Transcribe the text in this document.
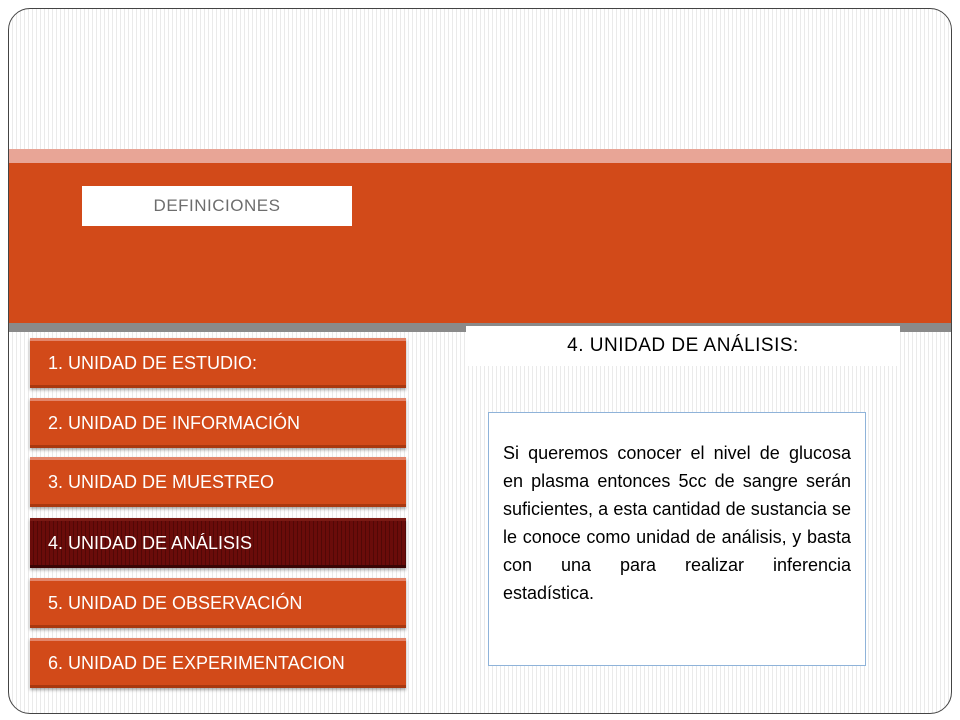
DEFINICIONES
1. UNIDAD DE ESTUDIO:
2. UNIDAD DE INFORMACIÓN
3. UNIDAD DE MUESTREO
4. UNIDAD DE ANÁLISIS
5. UNIDAD DE OBSERVACIÓN
6. UNIDAD DE EXPERIMENTACION
4. UNIDAD DE ANÁLISIS:

Si queremos conocer el nivel de glucosa en plasma entonces 5cc de sangre serán suficientes, a esta cantidad de sustancia se le conoce como unidad de análisis, y basta con una para realizar inferencia estadística.
